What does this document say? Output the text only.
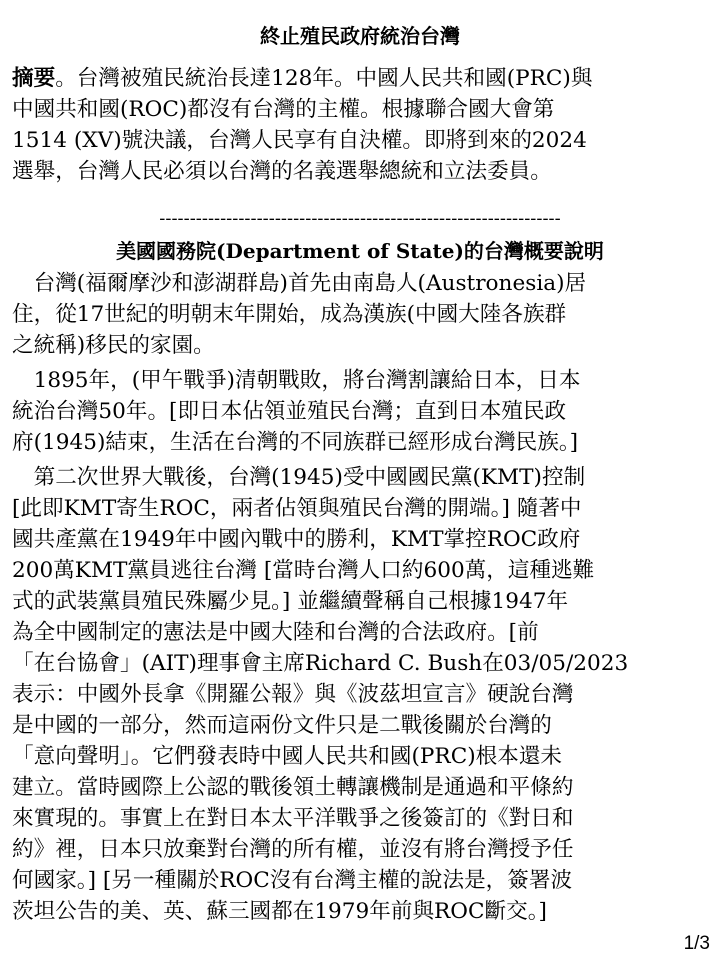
終止殖民政府統治台灣
摘要。台灣被殖民統治長達128年。中國人民共和國(PRC)與
中國共和國(ROC)都沒有台灣的主權。根據聯合國大會第
1514 (XV)號決議，台灣人民享有自決權。即將到來的2024
選舉，台灣人民必須以台灣的名義選舉總統和立法委員。
------------------------------------------------------------------
美國國務院(Department of State)的台灣概要說明
　台灣(福爾摩沙和澎湖群島)首先由南島人(Austronesia)居
住，從17世紀的明朝末年開始，成為漢族(中國大陸各族群
之統稱)移民的家園。
　1895年，(甲午戰爭)清朝戰敗，將台灣割讓給日本，日本
統治台灣50年。[即日本佔領並殖民台灣；直到日本殖民政
府(1945)結束，生活在台灣的不同族群已經形成台灣民族。]
　第二次世界大戰後，台灣(1945)受中國國民黨(KMT)控制
[此即KMT寄生ROC，兩者佔領與殖民台灣的開端。] 隨著中
國共產黨在1949年中國內戰中的勝利，KMT掌控ROC政府
200萬KMT黨員逃往台灣 [當時台灣人口約600萬，這種逃難
式的武裝黨員殖民殊屬少見。] 並繼續聲稱自己根據1947年
為全中國制定的憲法是中國大陸和台灣的合法政府。[前
「在台協會」(AIT)理事會主席Richard C. Bush在03/05/2023
表示：中國外長拿《開羅公報》與《波茲坦宣言》硬說台灣
是中國的一部分，然而這兩份文件只是二戰後關於台灣的
「意向聲明」。它們發表時中國人民共和國(PRC)根本還未
建立。當時國際上公認的戰後領土轉讓機制是通過和平條約
來實現的。事實上在對日本太平洋戰爭之後簽訂的《對日和
約》裡，日本只放棄對台灣的所有權，並沒有將台灣授予任
何國家。] [另一種關於ROC沒有台灣主權的說法是，簽署波
茨坦公告的美、英、蘇三國都在1979年前與ROC斷交。]
1/3
